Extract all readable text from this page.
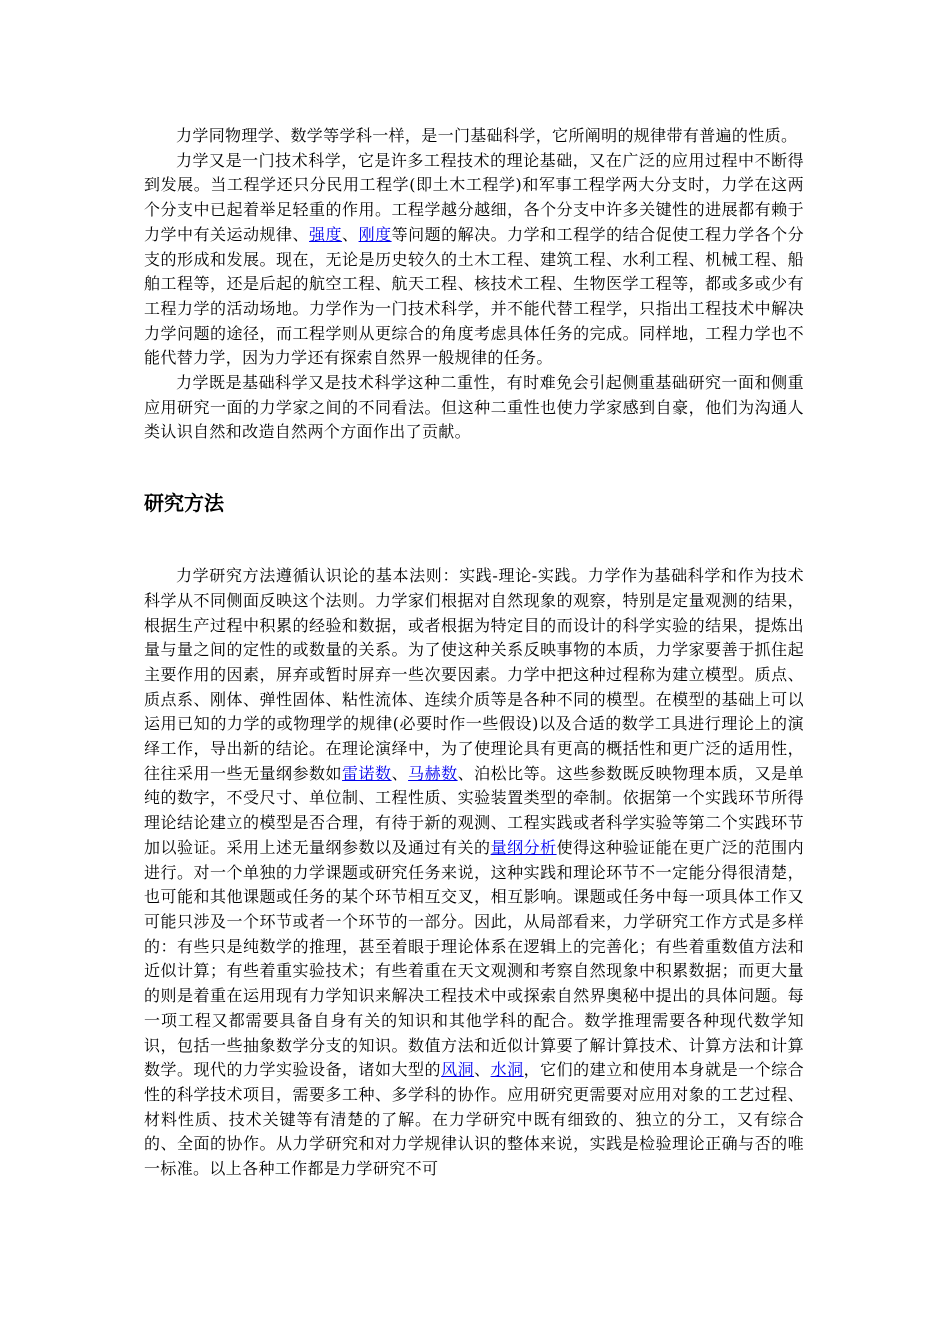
力学同物理学、数学等学科一样，是一门基础科学，它所阐明的规律带有普遍的性质。

力学又是一门技术科学，它是许多工程技术的理论基础，又在广泛的应用过程中不断得到发展。当工程学还只分民用工程学(即土木工程学)和军事工程学两大分支时，力学在这两个分支中已起着举足轻重的作用。工程学越分越细，各个分支中许多关键性的进展都有赖于力学中有关运动规律、强度、刚度等问题的解决。力学和工程学的结合促使工程力学各个分支的形成和发展。现在，无论是历史较久的土木工程、建筑工程、水利工程、机械工程、船舶工程等，还是后起的航空工程、航天工程、核技术工程、生物医学工程等，都或多或少有工程力学的活动场地。力学作为一门技术科学，并不能代替工程学，只指出工程技术中解决力学问题的途径，而工程学则从更综合的角度考虑具体任务的完成。同样地，工程力学也不能代替力学，因为力学还有探索自然界一般规律的任务。

力学既是基础科学又是技术科学这种二重性，有时难免会引起侧重基础研究一面和侧重应用研究一面的力学家之间的不同看法。但这种二重性也使力学家感到自豪，他们为沟通人类认识自然和改造自然两个方面作出了贡献。

研究方法

力学研究方法遵循认识论的基本法则：实践-理论-实践。力学作为基础科学和作为技术科学从不同侧面反映这个法则。力学家们根据对自然现象的观察，特别是定量观测的结果，根据生产过程中积累的经验和数据，或者根据为特定目的而设计的科学实验的结果，提炼出量与量之间的定性的或数量的关系。为了使这种关系反映事物的本质，力学家要善于抓住起主要作用的因素，屏弃或暂时屏弃一些次要因素。力学中把这种过程称为建立模型。质点、质点系、刚体、弹性固体、粘性流体、连续介质等是各种不同的模型。在模型的基础上可以运用已知的力学的或物理学的规律(必要时作一些假设)以及合适的数学工具进行理论上的演绎工作，导出新的结论。在理论演绎中，为了使理论具有更高的概括性和更广泛的适用性，往往采用一些无量纲参数如雷诺数、马赫数、泊松比等。这些参数既反映物理本质，又是单纯的数字，不受尺寸、单位制、工程性质、实验装置类型的牵制。依据第一个实践环节所得理论结论建立的模型是否合理，有待于新的观测、工程实践或者科学实验等第二个实践环节加以验证。采用上述无量纲参数以及通过有关的量纲分析使得这种验证能在更广泛的范围内进行。对一个单独的力学课题或研究任务来说，这种实践和理论环节不一定能分得很清楚，也可能和其他课题或任务的某个环节相互交叉，相互影响。课题或任务中每一项具体工作又可能只涉及一个环节或者一个环节的一部分。因此，从局部看来，力学研究工作方式是多样的：有些只是纯数学的推理，甚至着眼于理论体系在逻辑上的完善化；有些着重数值方法和近似计算；有些着重实验技术；有些着重在天文观测和考察自然现象中积累数据；而更大量的则是着重在运用现有力学知识来解决工程技术中或探索自然界奥秘中提出的具体问题。每一项工程又都需要具备自身有关的知识和其他学科的配合。数学推理需要各种现代数学知识，包括一些抽象数学分支的知识。数值方法和近似计算要了解计算技术、计算方法和计算数学。现代的力学实验设备，诸如大型的风洞、水洞，它们的建立和使用本身就是一个综合性的科学技术项目，需要多工种、多学科的协作。应用研究更需要对应用对象的工艺过程、材料性质、技术关键等有清楚的了解。在力学研究中既有细致的、独立的分工，又有综合的、全面的协作。从力学研究和对力学规律认识的整体来说，实践是检验理论正确与否的唯一标准。以上各种工作都是力学研究不可
